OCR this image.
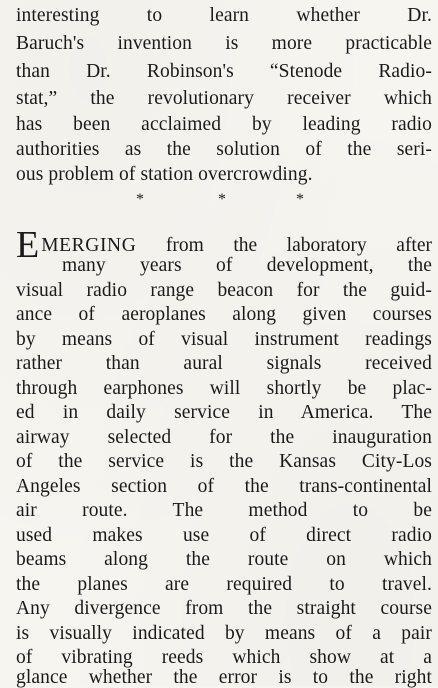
interesting to learn whether Dr.
Baruch's invention is more practicable
than Dr. Robinson's “Stenode Radio-
stat,” the revolutionary receiver which
has been acclaimed by leading radio
authorities as the solution of the seri-
ous problem of station overcrowding.
*	*	*
E MERGING from the laboratory after
many years of development, the
visual radio range beacon for the guid-
ance of aeroplanes along given courses
by means of visual instrument readings
rather than aural signals received
through earphones will shortly be plac-
ed in daily service in America. The
airway selected for the inauguration
of the service is the Kansas City-Los
Angeles section of the trans-continental
air route. The method to be
used makes use of direct radio
beams along the route on which
the planes are required to travel.
Any divergence from the straight course
is visually indicated by means of a pair
of vibrating reeds which show at a
glance whether the error is to the right
